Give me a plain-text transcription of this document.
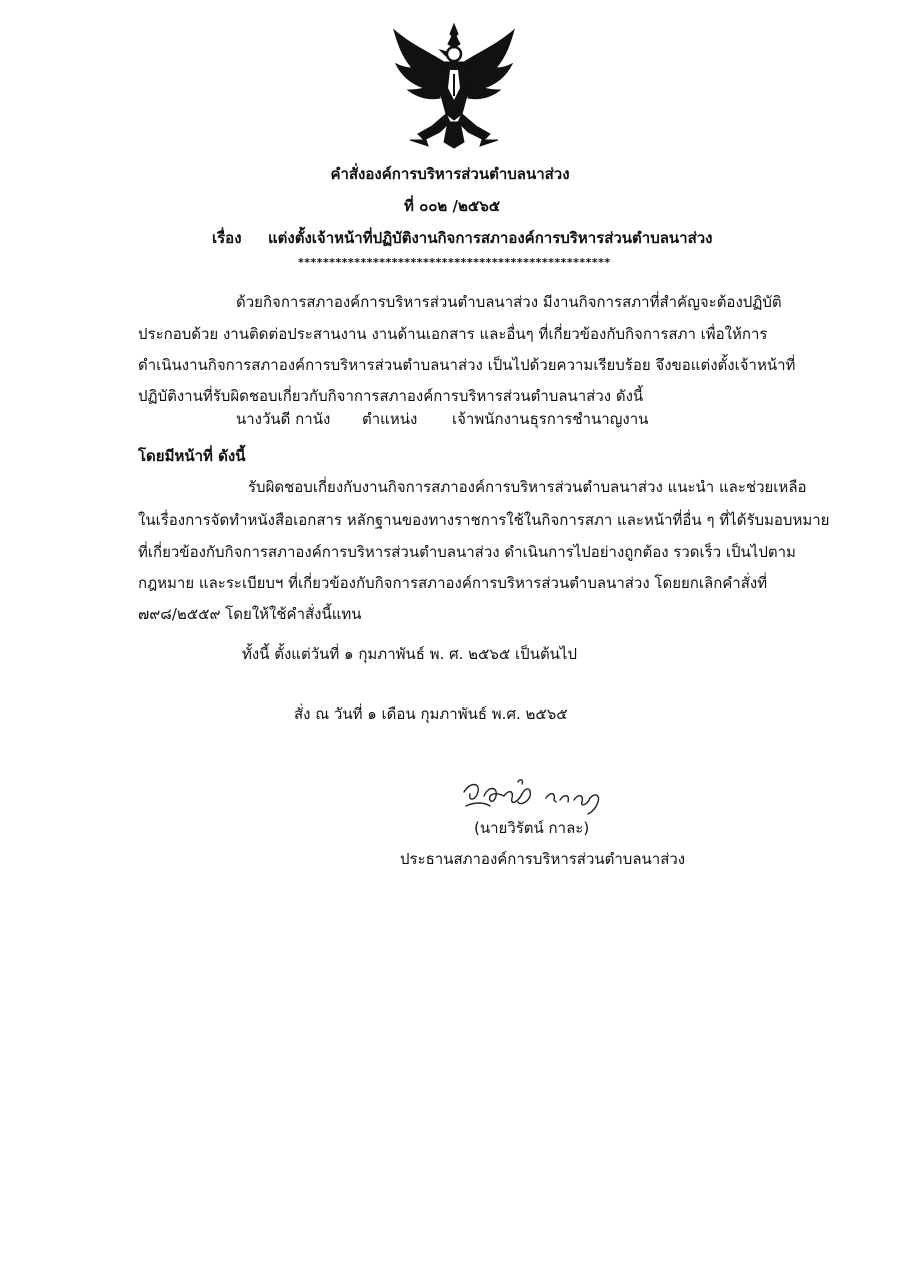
คำสั่งองค์การบริหารส่วนตำบลนาส่วง
ที่ ๐๐๒ /๒๕๖๕
เรื่อง แต่งตั้งเจ้าหน้าที่ปฏิบัติงานกิจการสภาองค์การบริหารส่วนตำบลนาส่วง
**************************************************
ด้วยกิจการสภาองค์การบริหารส่วนตำบลนาส่วง มีงานกิจการสภาที่สำคัญจะต้องปฏิบัติ
ประกอบด้วย งานติดต่อประสานงาน งานด้านเอกสาร และอื่นๆ ที่เกี่ยวข้องกับกิจการสภา เพื่อให้การ
ดำเนินงานกิจการสภาองค์การบริหารส่วนตำบลนาส่วง เป็นไปด้วยความเรียบร้อย จึงขอแต่งตั้งเจ้าหน้าที่
ปฏิบัติงานที่รับผิดชอบเกี่ยวกับกิจาการสภาองค์การบริหารส่วนตำบลนาส่วง ดังนี้
นางวันดี กานัง ตำแหน่ง เจ้าพนักงานธุรการชำนาญงาน
โดยมีหน้าที่ ดังนี้
รับผิดชอบเกี่ยงกับงานกิจการสภาองค์การบริหารส่วนตำบลนาส่วง แนะนำ และช่วยเหลือ
ในเรื่องการจัดทำหนังสือเอกสาร หลักฐานของทางราชการใช้ในกิจการสภา และหน้าที่อื่น ๆ ที่ได้รับมอบหมาย
ที่เกี่ยวข้องกับกิจการสภาองค์การบริหารส่วนตำบลนาส่วง ดำเนินการไปอย่างถูกต้อง รวดเร็ว เป็นไปตาม
กฎหมาย และระเบียบฯ ที่เกี่ยวข้องกับกิจการสภาองค์การบริหารส่วนตำบลนาส่วง โดยยกเลิกคำสั่งที่
๗๙๘/๒๕๕๙ โดยให้ใช้คำสั่งนี้แทน
ทั้งนี้ ตั้งแต่วันที่ ๑ กุมภาพันธ์ พ. ศ. ๒๕๖๕ เป็นต้นไป
สั่ง ณ วันที่ ๑ เดือน กุมภาพันธ์ พ.ศ. ๒๕๖๕
(นายวิรัตน์ กาละ)
ประธานสภาองค์การบริหารส่วนตำบลนาส่วง
